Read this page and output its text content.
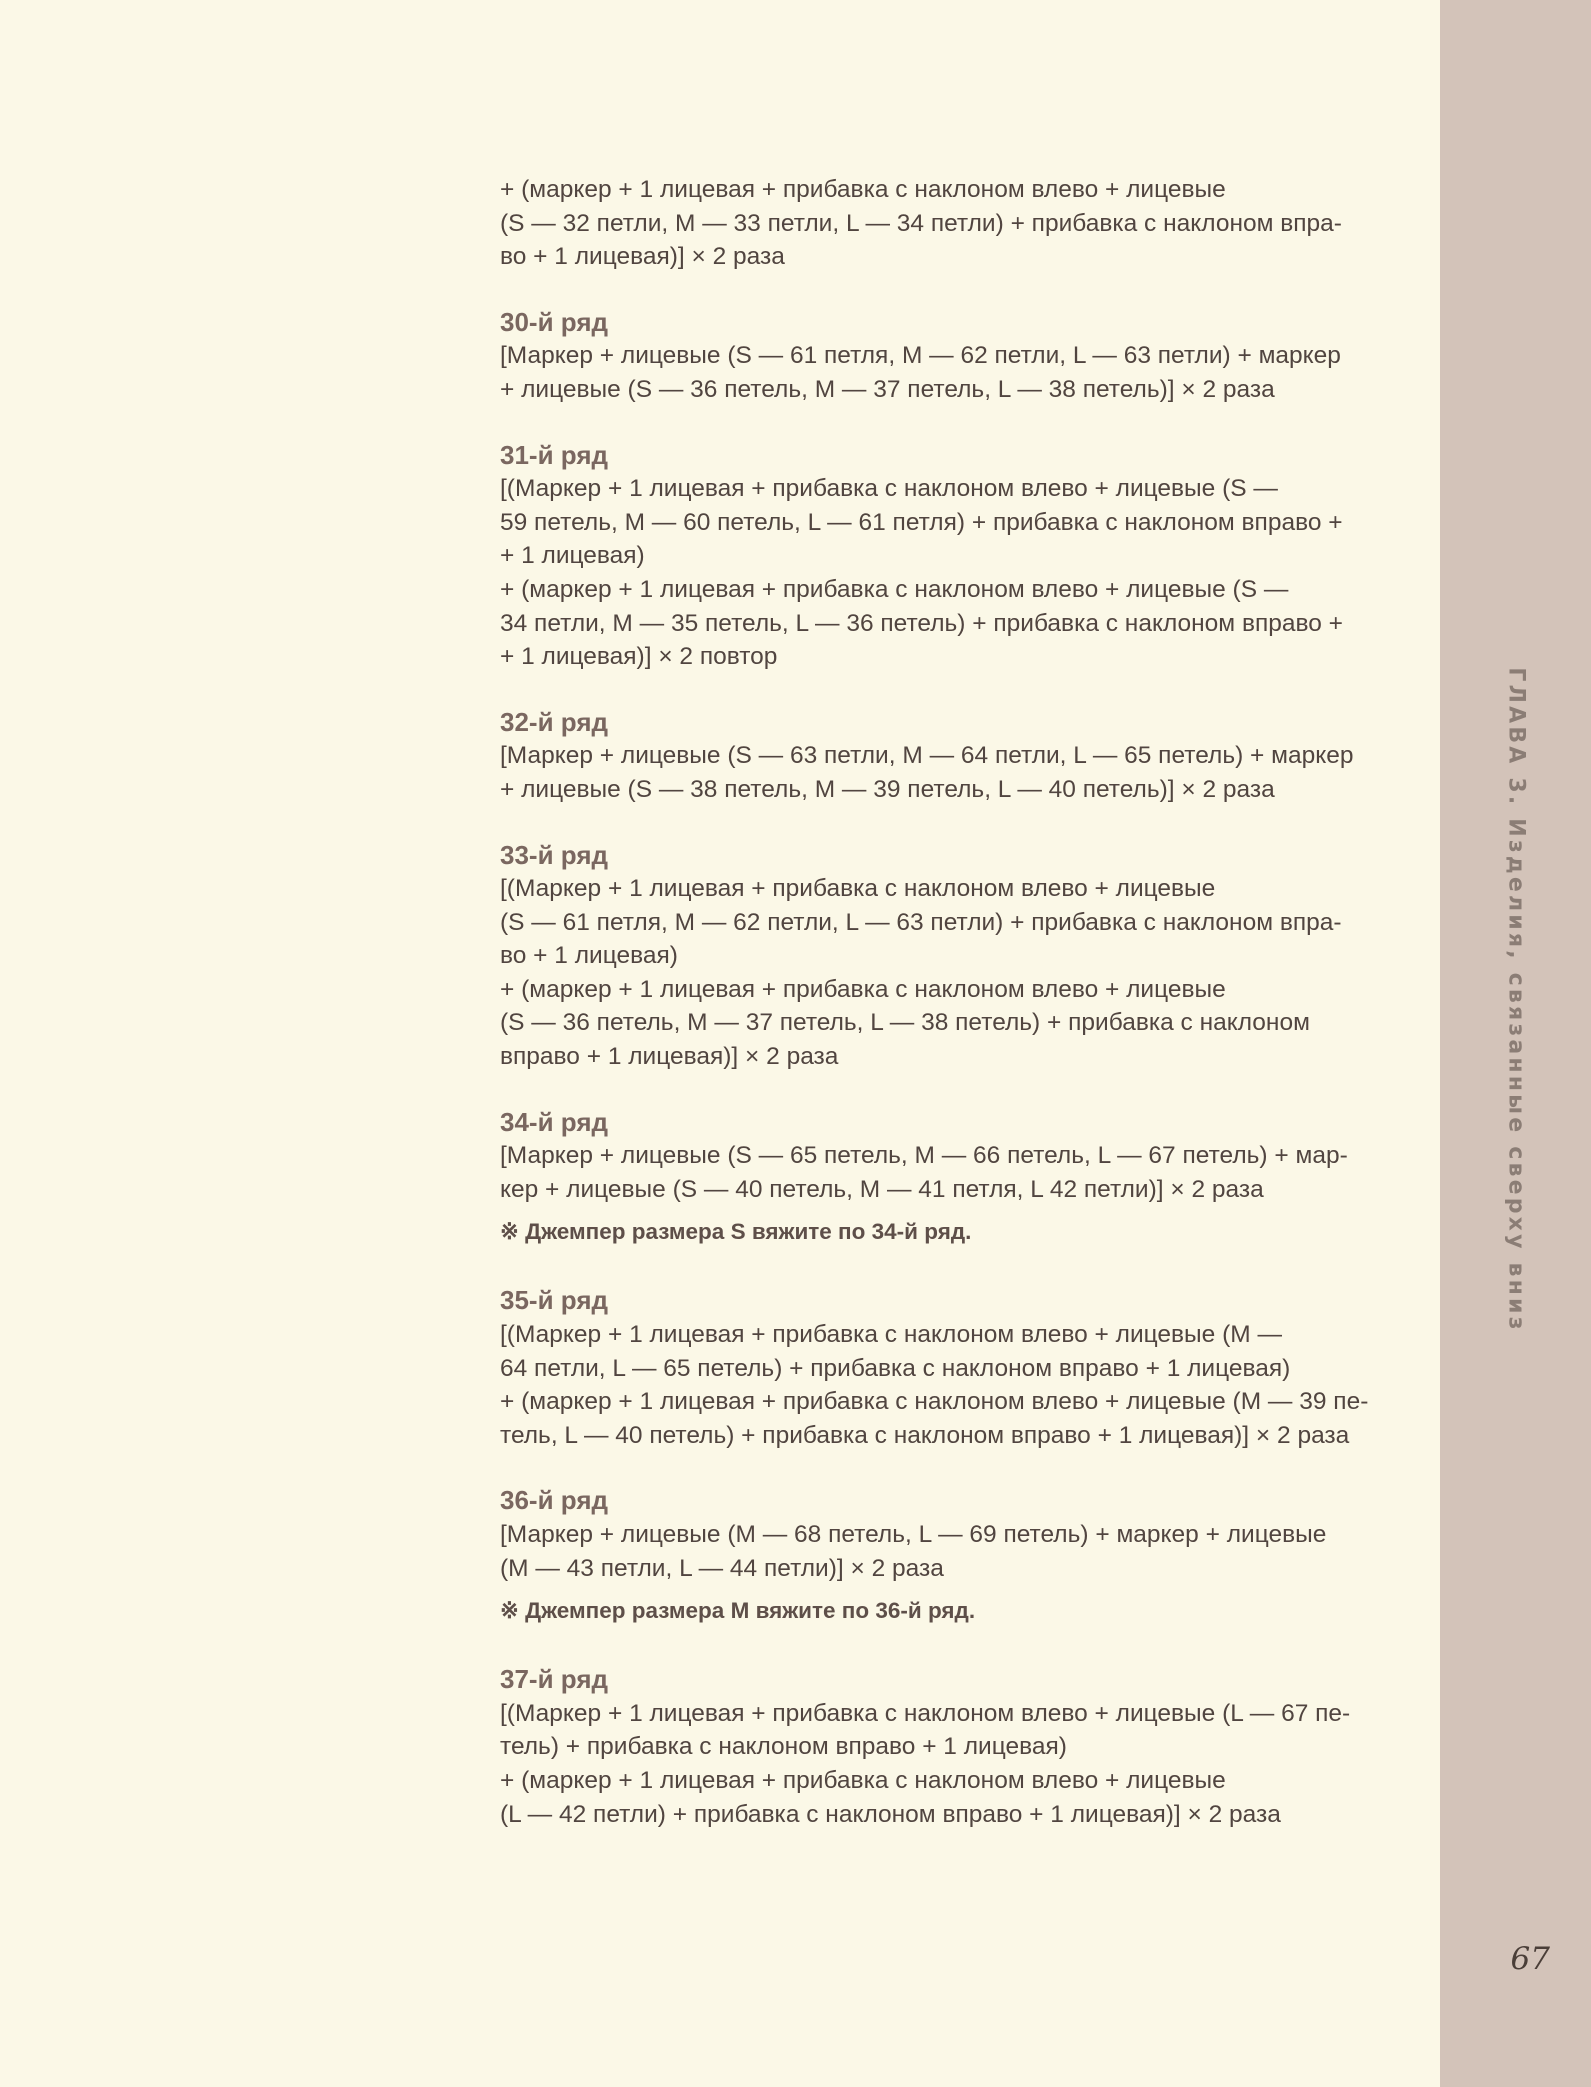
ГЛАВА 3. Изделия, связанные сверху вниз
67
+ (маркер + 1 лицевая + прибавка с наклоном влево + лицевые
(S — 32 петли, M — 33 петли, L — 34 петли) + прибавка с наклоном впра-
во + 1 лицевая)] × 2 раза
30-й ряд
[Маркер + лицевые (S — 61 петля, M — 62 петли, L — 63 петли) + маркер
+ лицевые (S — 36 петель, M — 37 петель, L — 38 петель)] × 2 раза
31-й ряд
[(Маркер + 1 лицевая + прибавка с наклоном влево + лицевые (S —
59 петель, M — 60 петель, L — 61 петля) + прибавка с наклоном вправо +
+ 1 лицевая)
+ (маркер + 1 лицевая + прибавка с наклоном влево + лицевые (S —
34 петли, M — 35 петель, L — 36 петель) + прибавка с наклоном вправо +
+ 1 лицевая)] × 2 повтор
32-й ряд
[Маркер + лицевые (S — 63 петли, M — 64 петли, L — 65 петель) + маркер
+ лицевые (S — 38 петель, M — 39 петель, L — 40 петель)] × 2 раза
33-й ряд
[(Маркер + 1 лицевая + прибавка с наклоном влево + лицевые
(S — 61 петля, M — 62 петли, L — 63 петли) + прибавка с наклоном впра-
во + 1 лицевая)
+ (маркер + 1 лицевая + прибавка с наклоном влево + лицевые
(S — 36 петель, M — 37 петель, L — 38 петель) + прибавка с наклоном
вправо + 1 лицевая)] × 2 раза
34-й ряд
[Маркер + лицевые (S — 65 петель, M — 66 петель, L — 67 петель) + мар-
кер + лицевые (S — 40 петель, M — 41 петля, L 42 петли)] × 2 раза
※ Джемпер размера S вяжите по 34-й ряд.
35-й ряд
[(Маркер + 1 лицевая + прибавка с наклоном влево + лицевые (M —
64 петли, L — 65 петель) + прибавка с наклоном вправо + 1 лицевая)
+ (маркер + 1 лицевая + прибавка с наклоном влево + лицевые (M — 39 пе-
тель, L — 40 петель) + прибавка с наклоном вправо + 1 лицевая)] × 2 раза
36-й ряд
[Маркер + лицевые (M — 68 петель, L — 69 петель) + маркер + лицевые
(M — 43 петли, L — 44 петли)] × 2 раза
※ Джемпер размера M вяжите по 36-й ряд.
37-й ряд
[(Маркер + 1 лицевая + прибавка с наклоном влево + лицевые (L — 67 пе-
тель) + прибавка с наклоном вправо + 1 лицевая)
+ (маркер + 1 лицевая + прибавка с наклоном влево + лицевые
(L — 42 петли) + прибавка с наклоном вправо + 1 лицевая)] × 2 раза
